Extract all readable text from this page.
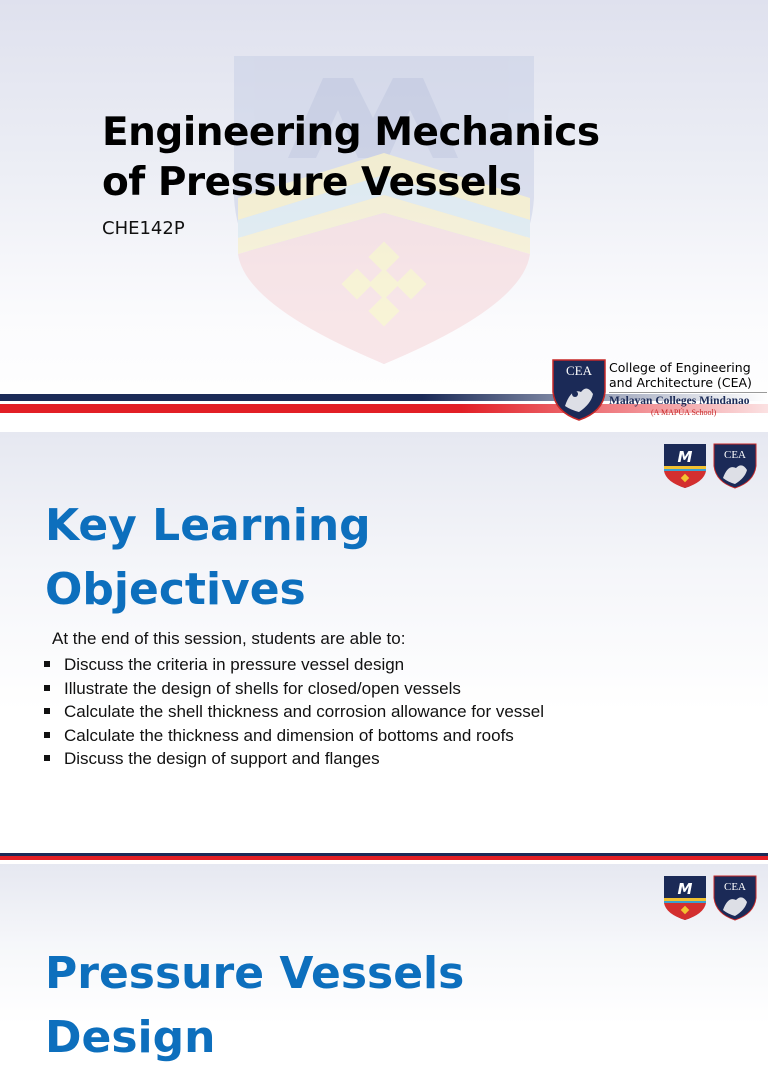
Engineering Mechanics
of Pressure Vessels
CHE142P
CEA College of Engineering
and Architecture (CEA)
Malayan Colleges Mindanao
(A MAPÚA School)
M
	CEA
Key Learning
Objectives

At the end of this session, students are able to:

Discuss the criteria in pressure vessel design
Illustrate the design of shells for closed/open vessels
Calculate the shell thickness and corrosion allowance for vessel
Calculate the thickness and dimension of bottoms and roofs
Discuss the design of support and flanges
M
	CEA
Pressure Vessels
Design
